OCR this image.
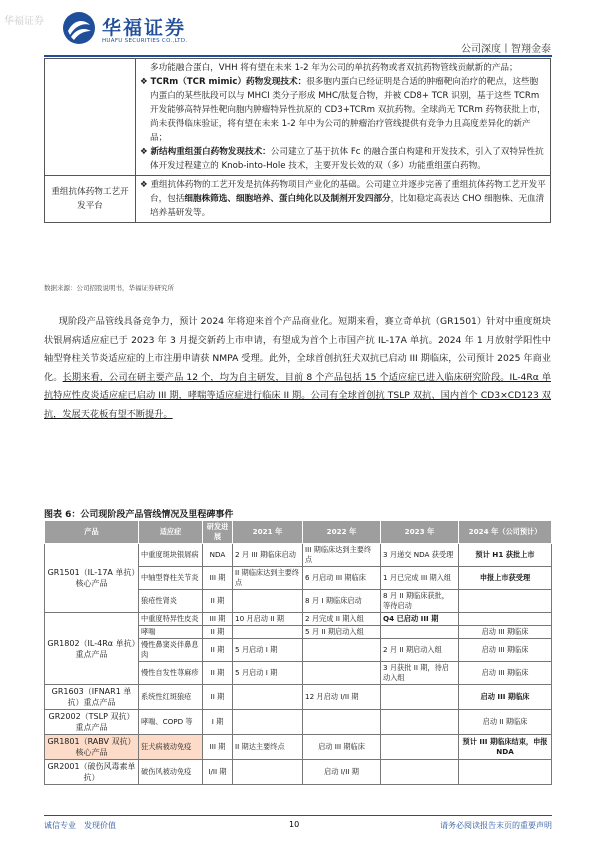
华福证券	华福证券
HUAFU SECURITIES CO.,LTD.
公司深度丨智翔金泰

	多功能融合蛋白，VHH 将有望在未来 1-2 年为公司的单抗药物或者双抗药物管线贡献新的产品；

❖ TCRm（TCR mimic）药物发现技术：很多胞内蛋白已经证明是合适的肿瘤靶向治疗的靶点，这些胞内蛋白的某些肽段可以与 MHCI 类分子形成 MHC/肽复合物，并被 CD8+ TCR 识别，基于这些 TCRm 开发能够高特异性靶向胞内肿瘤特异性抗原的 CD3+TCRm 双抗药物。全球尚无 TCRm 药物获批上市，尚未获得临床验证，将有望在未来 1-2 年中为公司的肿瘤治疗管线提供有竞争力且高度差异化的新产品；

❖ 新结构重组蛋白药物发现技术：公司建立了基于抗体 Fc 的融合蛋白构建和开发技术，引入了双特异性抗体开发过程建立的 Knob-into-Hole 技术，主要开发长效的双（多）功能重组蛋白药物。

重组抗体药物工艺开发平台	❖ 重组抗体药物的工艺开发是抗体药物项目产业化的基础。公司建立并逐步完善了重组抗体药物工艺开发平台，包括细胞株筛选、细胞培养、蛋白纯化以及制剂开发四部分，比如稳定高表达 CHO 细胞株、无血清培养基研发等。

数据来源：公司招股说明书，华福证券研究所

现阶段产品管线具备竞争力，预计 2024 年将迎来首个产品商业化。短期来看，赛立奇单抗（GR1501）针对中重度斑块状银屑病适应症已于 2023 年 3 月提交新药上市申请，有望成为首个上市国产抗 IL-17A 单抗。2024 年 1 月放射学阳性中轴型脊柱关节炎适应症的上市注册申请获 NMPA 受理。此外，全球首创抗狂犬双抗已启动 III 期临床，公司预计 2025 年商业化。长期来看，公司在研主要产品 12 个，均为自主研发，目前 8 个产品包括 15 个适应症已进入临床研究阶段。IL-4Rα 单抗特应性皮炎适应症已启动 III 期，哮喘等适应症进行临床 II 期。公司有全球首创抗 TSLP 双抗、国内首个 CD3×CD123 双抗，发展天花板有望不断提升。

图表 6：公司现阶段产品管线情况及里程碑事件
产品	适应症	研发进展	2021 年	2022 年	2023 年	2024 年（公司预计）
GR1501（IL-17A 单抗）核心产品	中重度斑块银屑病	NDA	2 月 III 期临床启动	III 期临床达到主要终点	3 月递交 NDA 获受理	预计 H1 获批上市
	中轴型脊柱关节炎	III 期	II 期临床达到主要终点	6 月启动 III 期临床	1 月已完成 III 期入组	申报上市获受理
	狼疮性肾炎	II 期		8 月 I 期临床启动	8 月 II 期临床获批，等待启动	
GR1802（IL-4Rα 单抗）重点产品	中重度特异性皮炎	III 期	10 月启动 II 期	2 月完成 II 期入组	Q4 已启动 III 期	
	哮喘	II 期		5 月 II 期启动入组		启动 III 期临床
	慢性鼻窦炎伴鼻息肉	II 期	5 月启动 I 期		2 月 II 期启动入组	启动 III 期临床
	慢性自发性荨麻疹	II 期	5 月启动 I 期		3 月获批 II 期，待启动入组	启动 III 期临床
GR1603（IFNAR1 单抗）重点产品	系统性红斑狼疮	II 期		12 月启动 I/II 期		启动 III 期临床
GR2002（TSLP 双抗）重点产品	哮喘、COPD 等	I 期				启动 II 期临床
GR1801（RABV 双抗）核心产品	狂犬病被动免疫	III 期	II 期达主要终点	启动 III 期临床		预计 III 期临床结束，申报 NDA
GR2001（破伤风毒素单抗）	破伤风被动免疫	I/II 期		启动 I/II 期		
诚信专业　发现价值	10	请务必阅读报告末页的重要声明
